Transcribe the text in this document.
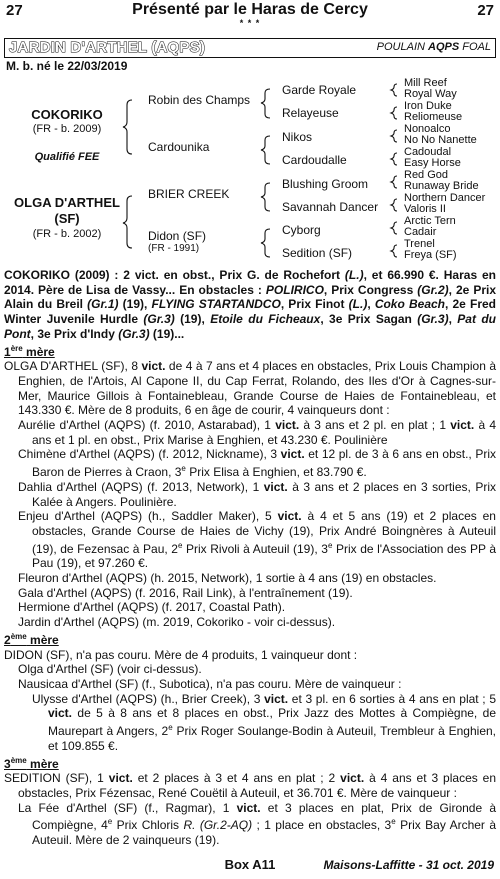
27	Présenté par le Haras de Cercy
* * *
27
JARDIN D'ARTHEL (AQPS)	POULAIN AQPS FOAL
M. b. né le 22/03/2019
COKORIKO
(FR - b. 2009)
Qualifié FEE
OLGA D'ARTHEL
(SF)
(FR - b. 2002)
Robin des Champs
Cardounika
BRIER CREEK
Didon (SF)
(FR - 1991)
Garde Royale
Relayeuse
Nikos
Cardoudalle
Blushing Groom
Savannah Dancer
Cyborg
Sedition (SF)
Mill Reef
Royal Way
Iron Duke
Reliomeuse
Nonoalco
No No Nanette
Cadoudal
Easy Horse
Red God
Runaway Bride
Northern Dancer
Valoris II
Arctic Tern
Cadair
Trenel
Freya (SF)

COKORIKO (2009) : 2 vict. en obst., Prix G. de Rochefort (L.), et 66.990 €. Haras en 2014. Père de Lisa de Vassy... En obstacles : POLIRICO, Prix Congress (Gr.2), 2e Prix Alain du Breil (Gr.1) (19), FLYING STARTANDCO, Prix Finot (L.), Coko Beach, 2e Fred Winter Juvenile Hurdle (Gr.3) (19), Etoile du Ficheaux, 3e Prix Sagan (Gr.3), Pat du Pont, 3e Prix d'Indy (Gr.3) (19)...

1ère mère

OLGA D'ARTHEL (SF), 8 vict. de 4 à 7 ans et 4 places en obstacles, Prix Louis Champion à Enghien, de l'Artois, Al Capone II, du Cap Ferrat, Rolando, des Iles d'Or à Cagnes-sur-Mer, Maurice Gillois à Fontainebleau, Grande Course de Haies de Fontainebleau, et 143.330 €. Mère de 8 produits, 6 en âge de courir, 4 vainqueurs dont :

Aurélie d'Arthel (AQPS) (f. 2010, Astarabad), 1 vict. à 3 ans et 2 pl. en plat ; 1 vict. à 4 ans et 1 pl. en obst., Prix Marise à Enghien, et 43.230 €. Poulinière

Chimène d'Arthel (AQPS) (f. 2012, Nickname), 3 vict. et 12 pl. de 3 à 6 ans en obst., Prix Baron de Pierres à Craon, 3e Prix Elisa à Enghien, et 83.790 €.

Dahlia d'Arthel (AQPS) (f. 2013, Network), 1 vict. à 3 ans et 2 places en 3 sorties, Prix Kalée à Angers. Poulinière.

Enjeu d'Arthel (AQPS) (h., Saddler Maker), 5 vict. à 4 et 5 ans (19) et 2 places en obstacles, Grande Course de Haies de Vichy (19), Prix André Boingnères à Auteuil (19), de Fezensac à Pau, 2e Prix Rivoli à Auteuil (19), 3e Prix de l'Association des PP à Pau (19), et 97.260 €.

Fleuron d'Arthel (AQPS) (h. 2015, Network), 1 sortie à 4 ans (19) en obstacles.

Gala d'Arthel (AQPS) (f. 2016, Rail Link), à l'entraînement (19).

Hermione d'Arthel (AQPS) (f. 2017, Coastal Path).

Jardin d'Arthel (AQPS) (m. 2019, Cokoriko - voir ci-dessus).

2ème mère

DIDON (SF), n'a pas couru. Mère de 4 produits, 1 vainqueur dont :

Olga d'Arthel (SF) (voir ci-dessus).

Nausicaa d'Arthel (SF) (f., Subotica), n'a pas couru. Mère de vainqueur :

Ulysse d'Arthel (AQPS) (h., Brier Creek), 3 vict. et 3 pl. en 6 sorties à 4 ans en plat ; 5 vict. de 5 à 8 ans et 8 places en obst., Prix Jazz des Mottes à Compiègne, de Maurepart à Angers, 2e Prix Roger Soulange-Bodin à Auteuil, Trembleur à Enghien, et 109.855 €.

3ème mère

SEDITION (SF), 1 vict. et 2 places à 3 et 4 ans en plat ; 2 vict. à 4 ans et 3 places en obstacles, Prix Fézensac, René Couëtil à Auteuil, et 36.701 €. Mère de vainqueur :

La Fée d'Arthel (SF) (f., Ragmar), 1 vict. et 3 places en plat, Prix de Gironde à Compiègne, 4e Prix Chloris R. (Gr.2-AQ) ; 1 place en obstacles, 3e Prix Bay Archer à Auteuil. Mère de 2 vainqueurs (19).

Box A11	Maisons-Laffitte - 31 oct. 2019
